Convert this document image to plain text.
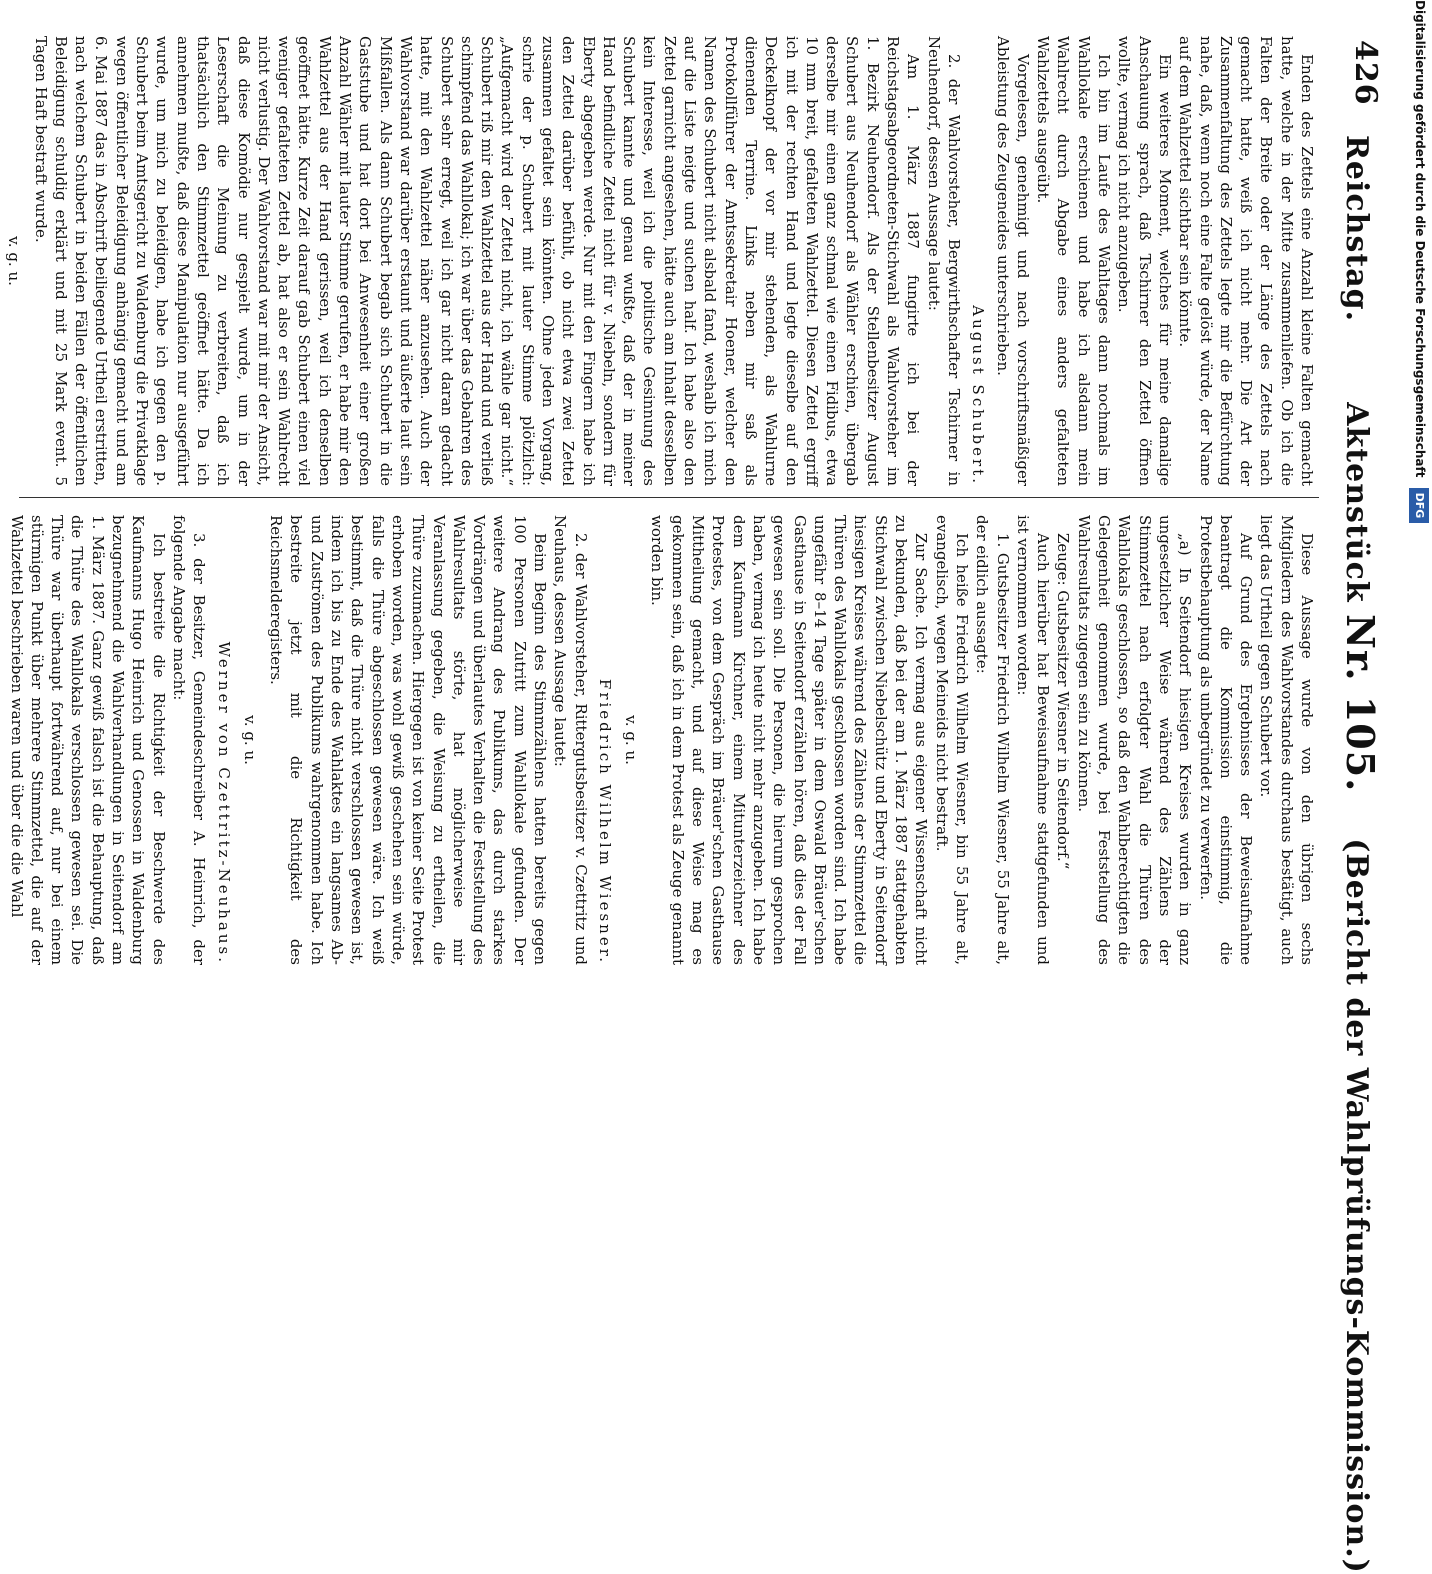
426
Reichstag.       Aktenstück Nr. 105.    (Bericht der Wahlprüfungs-Kommission.)

Enden des Zettels eine Anzahl kleine Falten gemacht hatte, welche in der Mitte zusammenliefen. Ob ich die Falten der Breite oder der Länge des Zettels nach gemacht hatte, weiß ich nicht mehr. Die Art der Zusammenfaltung des Zettels legte mir die Befürchtung nahe, daß, wenn noch eine Falte gelöst würde, der Name auf dem Wahlzettel sichtbar sein könnte.

Ein weiteres Moment, welches für meine damalige Anschauung sprach, daß Tschirner den Zettel öffnen wollte, vermag ich nicht anzugeben.

Ich bin im Laufe des Wahltages dann nochmals im Wahllokale erschienen und habe ich alsdann mein Wahlrecht durch Abgabe eines anders gefalteten Wahlzettels ausgeübt.

Vorgelesen, genehmigt und nach vorschriftsmäßiger Ableistung des Zeugeneides unterschrieben.

August Schubert.

2. der Wahlvorsteher, Bergwirthschafter Tschirner in Neuhendorf, dessen Aussage lautet:

Am 1. März 1887 fungirte ich bei der Reichstagsabgeordneten-Stichwahl als Wahlvorsteher im 1. Bezirk Neuhendorf. Als der Stellenbesitzer August Schubert aus Neuhendorf als Wähler erschien, übergab derselbe mir einen ganz schmal wie einen Fidibus, etwa 10 mm breit, gefalteten Wahlzettel. Diesen Zettel ergriff ich mit der rechten Hand und legte dieselbe auf den Deckelknopf der vor mir stehenden, als Wahlurne dienenden Terrine. Links neben mir saß als Protokollführer der Amtssekretair Hoener, welcher den Namen des Schubert nicht alsbald fand, weshalb ich mich auf die Liste neigte und suchen half. Ich habe also den Zettel garnicht angesehen, hätte auch am Inhalt desselben kein Interesse, weil ich die politische Gesinnung des Schubert kannte und genau wußte, daß der in meiner Hand befindliche Zettel nicht für v. Niebeln, sondern für Eberty abgegeben werde. Nur mit den Fingern habe ich den Zettel darüber befühlt, ob nicht etwa zwei Zettel zusammen gefaltet sein könnten. Ohne jeden Vorgang, schrie der p. Schubert mit lauter Stimme plötzlich: „Aufgemacht wird der Zettel nicht, ich wähle gar nicht.“ Schubert riß mir den Wahlzettel aus der Hand und verließ schimpfend das Wahllokal; ich war über das Gebahren des Schubert sehr erregt, weil ich gar nicht daran gedacht hatte, mit den Wahlzettel näher anzusehen. Auch der Wahlvorstand war darüber erstaunt und äußerte laut sein Mißfallen. Als dann Schubert begab sich Schubert in die Gaststube und hat dort bei Anwesenheit einer großen Anzahl Wähler mit lauter Stimme gerufen, er habe mir den Wahlzettel aus der Hand gerissen, weil ich denselben geöffnet hätte. Kurze Zeit darauf gab Schubert einen viel weniger gefalteten Zettel ab, hat also er sein Wahlrecht nicht verlustig. Der Wahlvorstand war mit mir der Ansicht, daß diese Komödie nur gespielt wurde, um in der Leserschaft die Meinung zu verbreiten, daß ich thatsächlich den Stimmzettel geöffnet hätte. Da ich annehmen mußte, daß diese Manipulation nur ausgeführt wurde, um mich zu beleidigen, habe ich gegen den p. Schubert beim Amtsgericht zu Waldenburg die Privatklage wegen öffentlicher Beleidigung anhängig gemacht und am 6. Mai 1887 das in Abschrift beiliegende Urtheil erstritten, nach welchem Schubert in beiden Fällen der öffentlichen Beleidigung schuldig erklärt und mit 25 Mark event. 5 Tagen Haft bestraft wurde.

v. g. u.

Diese Aussage wurde von den übrigen sechs Mitgliedern des Wahlvorstandes durchaus bestätigt, auch liegt das Urtheil gegen Schubert vor.

Auf Grund des Ergebnisses der Beweisaufnahme beantragt die Kommission einstimmig, die Protestbehauptung als unbegründet zu verwerfen.

„a) In Seitendorf hiesigen Kreises wurden in ganz ungesetzlicher Weise während des Zählens der Stimmzettel nach erfolgter Wahl die Thüren des Wahllokals geschlossen, so daß den Wahlberechtigten die Gelegenheit genommen wurde, bei Feststellung des Wahlresultats zugegen sein zu können.

Zeuge: Gutsbesitzer Wiesner in Seitendorf.“

Auch hierüber hat Beweisaufnahme stattgefunden und ist vernommen worden:

1. Gutsbesitzer Friedrich Wilhelm Wiesner, 55 Jahre alt, der eidlich aussagte:

Ich heiße Friedrich Wilhelm Wiesner, bin 55 Jahre alt, evangelisch, wegen Meineids nicht bestraft.

Zur Sache. Ich vermag aus eigener Wissenschaft nicht zu bekunden, daß bei der am 1. März 1887 stattgehabten Stichwahl zwischen Niebelschütz und Eberty in Seitendorf hiesigen Kreises während des Zählens der Stimmzettel die Thüren des Wahllokals geschlossen worden sind. Ich habe ungefähr 8–14 Tage später in dem Oswald Bräuer'schen Gasthause in Seitendorf erzählen hören, daß dies der Fall gewesen sein soll. Die Personen, die hierum gesprochen haben, vermag ich heute nicht mehr anzugeben. Ich habe dem Kaufmann Kirchner, einem Mitunterzeichner des Protestes, von dem Gespräch im Bräuer'schen Gasthause Mittheilung gemacht, und auf diese Weise mag es gekommen sein, daß ich in dem Protest als Zeuge genannt worden bin.

v. g. u.

Friedrich Wilhelm Wiesner.

2. der Wahlvorsteher, Rittergutsbesitzer v. Czettritz und Neuhaus, dessen Aussage lautet:

Beim Beginn des Stimmzählens hatten bereits gegen 100 Personen Zutritt zum Wahllokale gefunden. Der weitere Andrang des Publikums, das durch starkes Vordrängen und überlautes Verhalten die Feststellung des Wahlresultats störte, hat möglicherweise mir Veranlassung gegeben, die Weisung zu ertheilen, die Thüre zuzumachen. Hiergegen ist von keiner Seite Protest erhoben worden, was wohl gewiß geschehen sein würde, falls die Thüre abgeschlossen gewesen wäre. Ich weiß bestimmt, daß die Thüre nicht verschlossen gewesen ist, indem ich bis zu Ende des Wahlaktes ein langsames Ab- und Zuströmen des Publikums wahrgenommen habe. Ich bestreite jetzt mit die Richtigkeit des Reichsmelderegisters.

v. g. u.

Werner von Czettritz-Neuhaus.

3. der Besitzer, Gemeindeschreiber A. Heinrich, der folgende Angabe macht:

Ich bestreite die Richtigkeit der Beschwerde des Kaufmanns Hugo Heinrich und Genossen in Waldenburg bezugnehmend die Wahlverhandlungen in Seitendorf am 1. März 1887. Ganz gewiß falsch ist die Behauptung, daß die Thüre des Wahllokals verschlossen gewesen sei. Die Thüre war überhaupt fortwährend auf, nur bei einem stürmigen Punkt über mehrere Stimmzettel, die auf der Wahlzettel beschrieben waren und über die die Wahl

Digitalisierung gefördert durch die Deutsche Forschungsgemeinschaft DFG
